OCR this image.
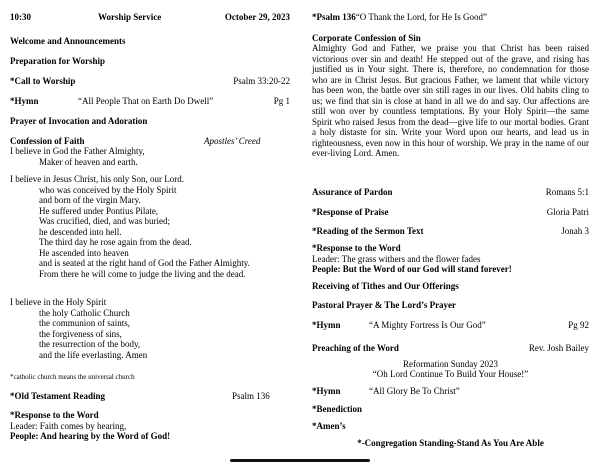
10:30	Worship Service	October 29, 2023
Welcome and Announcements
Preparation for Worship
*Call to Worship	Psalm 33:20-22
*Hymn	“All People That on Earth Do Dwell”	Pg 1
Prayer of Invocation and Adoration
Confession of Faith	Apostles’ Creed
I believe in God the Father Almighty,
Maker of heaven and earth.
I believe in Jesus Christ, his only Son, our Lord.
who was conceived by the Holy Spirit
and born of the virgin Mary.
He suffered under Pontius Pilate,
Was crucified, died, and was buried;
he descended into hell.
The third day he rose again from the dead.
He ascended into heaven
and is seated at the right hand of God the Father Almighty.
From there he will come to judge the living and the dead.
I believe in the Holy Spirit
the holy Catholic Church
the communion of saints,
the forgiveness of sins,
the resurrection of the body,
and the life everlasting. Amen
*catholic church means the universal church
*Old Testament Reading	Psalm 136
*Response to the Word
Leader: Faith comes by hearing,
People: And hearing by the Word of God!
*Psalm 136“O Thank the Lord, for He Is Good”
Corporate Confession of Sin
Almighty God and Father, we praise you that Christ has been raised victorious over sin and death! He stepped out of the grave, and rising has justified us in Your sight. There is, therefore, no condemnation for those who are in Christ Jesus. But gracious Father, we lament that while victory has been won, the battle over sin still rages in our lives. Old habits cling to us; we find that sin is close at hand in all we do and say. Our affections are still won over by countless temptations. By your Holy Spirit—the same Spirit who raised Jesus from the dead—give life to our mortal bodies. Grant a holy distaste for sin. Write your Word upon our hearts, and lead us in righteousness, even now in this hour of worship. We pray in the name of our ever-living Lord. Amen.
Assurance of Pardon	Romans 5:1
*Response of Praise	Gloria Patri
*Reading of the Sermon Text	Jonah 3
*Response to the Word
Leader: The grass withers and the flower fades
People: But the Word of our God will stand forever!
Receiving of Tithes and Our Offerings
Pastoral Prayer & The Lord’s Prayer
*Hymn	“A Mighty Fortress Is Our God”	Pg 92
Preaching of the Word	Rev. Josh Bailey
Reformation Sunday 2023
“Oh Lord Continue To Build Your House!”
*Hymn	“All Glory Be To Christ”
*Benediction
*Amen’s
*-Congregation Standing-Stand As You Are Able
